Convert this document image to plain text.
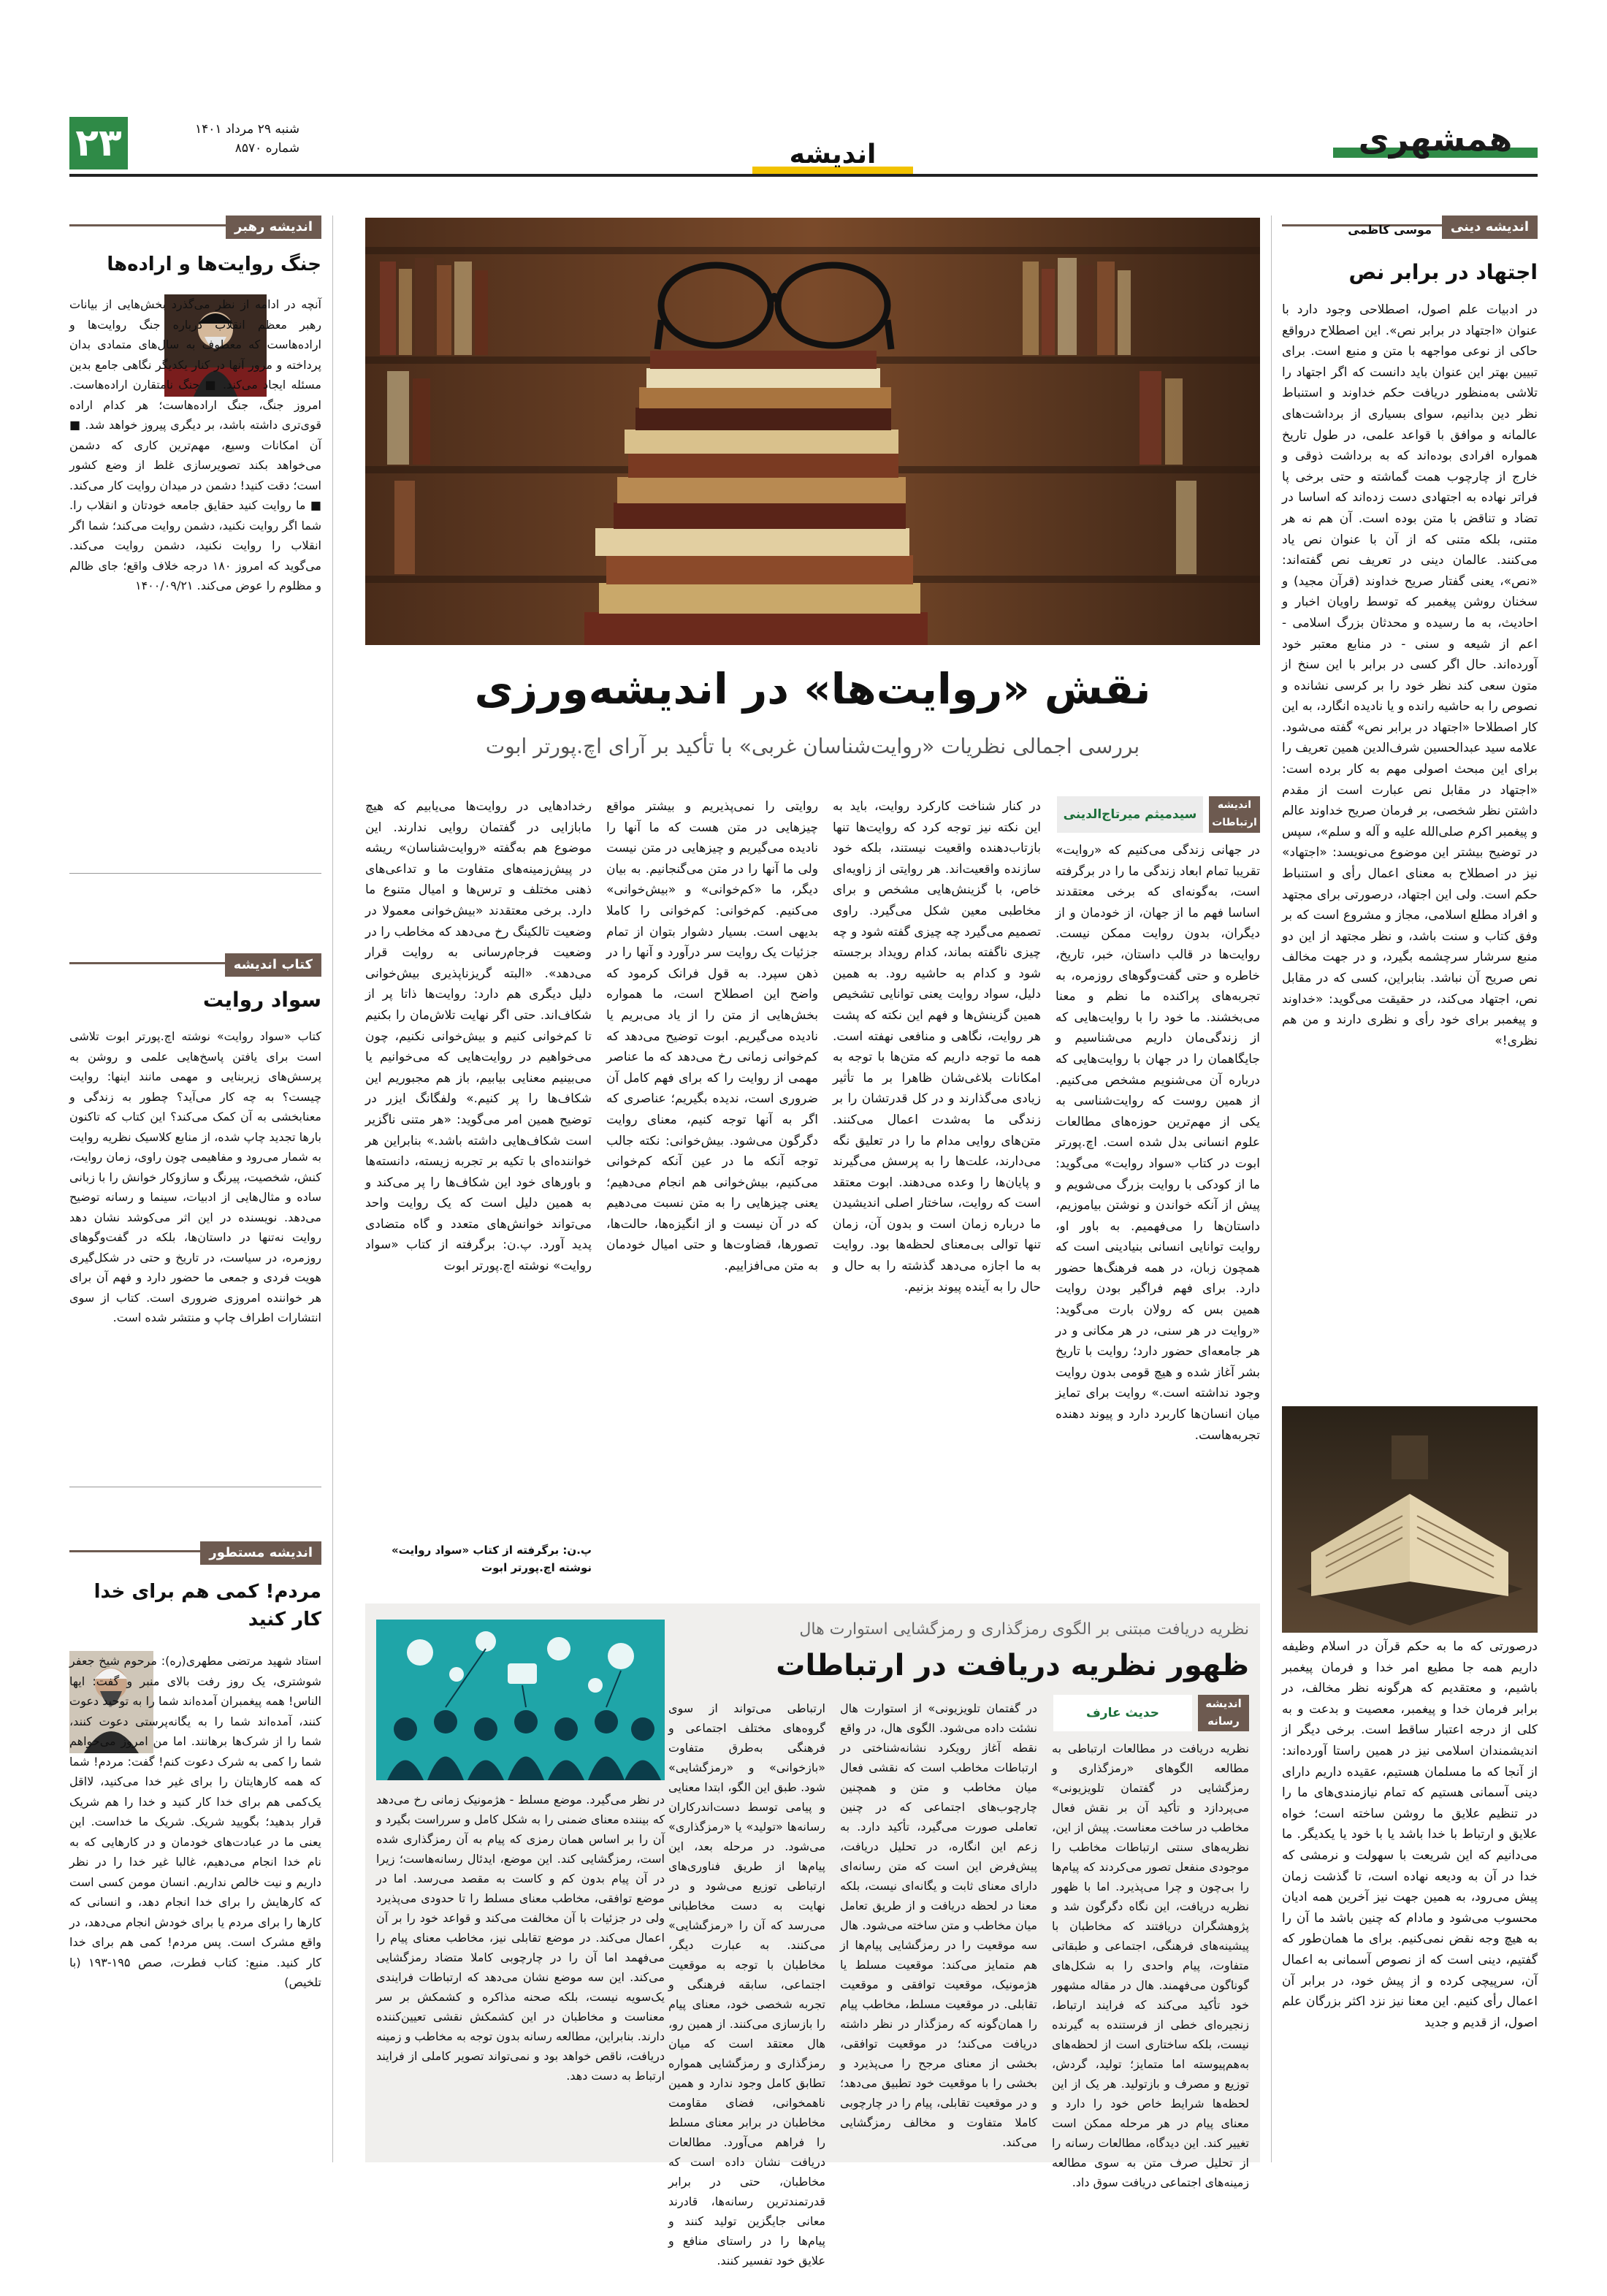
همشهری
اندیشه
۲۳	شنبه ۲۹ مرداد ۱۴۰۱
شماره ۸۵۷۰
اندیشه دینی
موسی کاظمی
اجتهاد در برابر نص
در ادبیات علم اصول، اصطلاحی وجود دارد با عنوان «اجتهاد در برابر نص». این اصطلاح درواقع حاکی از نوعی مواجهه با متن و منبع است. برای تبیین بهتر این عنوان باید دانست که اگر اجتهاد را تلاشی به‌منظور دریافت حکم خداوند و استنباط نظر دین بدانیم، سوای بسیاری از برداشت‌های عالمانه و موافق با قواعد علمی، در طول تاریخ همواره افرادی بوده‌اند که به برداشت ذوقی و خارج از چارچوب همت گماشته و حتی برخی پا فراتر نهاده به اجتهادی دست زده‌اند که اساسا در تضاد و تناقض با متن بوده است. آن هم نه هر متنی، بلکه متنی که از آن با عنوان نص یاد می‌کنند. عالمان دینی در تعریف نص گفته‌اند: «نص»، یعنی گفتار صریح خداوند (قرآن مجید) و سخنان روشن پیغمبر که توسط راویان اخبار و احادیث، به ما رسیده و محدثان بزرگ اسلامی - اعم از شیعه و سنی - در منابع معتبر خود آورده‌اند. حال اگر کسی در برابر با این سنخ از متون سعی کند نظر خود را بر کرسی نشانده و نصوص را به حاشیه رانده و یا نادیده انگارد، به این کار اصطلاحا «اجتهاد در برابر نص» گفته می‌شود. علامه سید عبدالحسین شرف‌الدین همین تعریف را برای این مبحث اصولی مهم به کار برده است: «اجتهاد در مقابل نص عبارت است از مقدم داشتن نظر شخصی، بر فرمان صریح خداوند عالم و پیغمبر اکرم صلی‌الله علیه و آله و سلم»، سپس در توضیح بیشتر این موضوع می‌نویسد: «اجتهاد» نیز در اصطلاح به معنای اعمال رأی و استنباط حکم است. ولی این اجتهاد، درصورتی برای مجتهد و افراد مطلع اسلامی، مجاز و مشروع است که بر وفق کتاب و سنت باشد، و نظر مجتهد از این دو منبع سرشار سرچشمه بگیرد، و در جهت مخالف نص صریح آن نباشد. بنابراین، کسی که در مقابل نص، اجتهاد می‌کند، در حقیقت می‌گوید: «خداوند و پیغمبر برای خود رأی و نظری دارند و من هم نظری!»
درصورتی که ما به حکم قرآن در اسلام وظیفه داریم همه جا مطیع امر خدا و فرمان پیغمبر باشیم، و معتقدیم که هرگونه نظر مخالف، در برابر فرمان خدا و پیغمبر، معصیت و بدعت و به کلی از درجه اعتبار ساقط است. برخی دیگر از اندیشمندان اسلامی نیز در همین راستا آورده‌اند: از آنجا که ما مسلمان هستیم، عقیده داریم دارای دینی آسمانی هستیم که تمام نیازمندی‌های ما را در تنظیم علایق ما روشن ساخته است؛ خواه علایق و ارتباط با خدا باشد یا با خود یا یکدیگر. ما می‌دانیم که این شریعت با سهولت و نرمشی که خدا در آن به ودیعه نهاده است، تا گذشت زمان پیش می‌رود، به همین جهت نیز آخرین همه ادیان محسوب می‌شود و مادام که چنین باشد ما آن را به هیچ وجه نقض نمی‌کنیم. برای ما همان‌طور که گفتیم، دینی است که از نصوص آسمانی به اعمال آن، سرپیچی کرده و از پیش خود، در برابر آن اعمال رأی کنیم. این معنا نیز نزد اکثر بزرگان علم اصول، از قدیم و جدید
اندیشه رهبر
جنگ روایت‌ها و اراده‌ها
آنچه در ادامه از نظر می‌گذرد بخش‌هایی از بیانات رهبر معظم انقلاب درباره جنگ روایت‌ها و اراده‌هاست که معطوف به سال‌های متمادی بدان پرداخته و مرور آنها در کنار یکدیگر نگاهی جامع بدین مسئله ایجاد می‌کند. ■ جنگ نامتقارن اراده‌هاست. امروز جنگ، جنگ اراده‌هاست؛ هر کدام اراده قوی‌تری داشته باشد، بر دیگری پیروز خواهد شد. ■ آن امکانات وسیع، مهم‌ترین کاری که دشمن می‌خواهد بکند تصویرسازی غلط از وضع کشور است؛ دقت کنید! دشمن در میدان روایت کار می‌کند. ■ ما روایت کنید حقایق جامعه خودتان و انقلاب را. شما اگر روایت نکنید، دشمن روایت می‌کند؛ شما اگر انقلاب را روایت نکنید، دشمن روایت می‌کند. می‌گوید که امروز ۱۸۰ درجه خلاف واقع؛ جای ظالم و مظلوم را عوض می‌کند. ۱۴۰۰/۰۹/۲۱
کتاب اندیشه
سواد روایت
کتاب «سواد روایت» نوشته اچ.پورتر ابوت تلاشی است برای یافتن پاسخ‌هایی علمی و روشن به پرسش‌های زیربنایی و مهمی مانند اینها: روایت چیست؟ به چه کار می‌آید؟ چطور به زندگی و معنابخشی به آن کمک می‌کند؟ این کتاب که تاکنون بارها تجدید چاپ شده، از منابع کلاسیک نظریه روایت به شمار می‌رود و مفاهیمی چون راوی، زمان روایت، کنش، شخصیت، پیرنگ و سازوکار خوانش را با زبانی ساده و مثال‌هایی از ادبیات، سینما و رسانه توضیح می‌دهد. نویسنده در این اثر می‌کوشد نشان دهد روایت نه‌تنها در داستان‌ها، بلکه در گفت‌وگوهای روزمره، در سیاست، در تاریخ و حتی در شکل‌گیری هویت فردی و جمعی ما حضور دارد و فهم آن برای هر خواننده امروزی ضروری است. کتاب از سوی انتشارات اطراف چاپ و منتشر شده است.
اندیشه مستطور
مردم! کمی هم برای خدا کار کنید
استاد شهید مرتضی مطهری(ره): مرحوم شیخ جعفر شوشتری، یک روز رفت بالای منبر و گفت: ایها الناس! همه پیغمبران آمده‌اند شما را به توحید دعوت کنند، آمده‌اند شما را به یگانه‌پرستی دعوت کنند، شما را از شرک‌ها برهانند. اما من امروز می‌خواهم شما را کمی به شرک دعوت کنم! گفت: مردم! شما که همه کارهایتان را برای غیر خدا می‌کنید، لااقل یک‌کمی هم برای خدا کار کنید و خدا را هم شریک قرار بدهید؛ بگویید شریک. شریک ما خداست. این یعنی ما در عبادت‌های خودمان و در کارهایی که به نام خدا انجام می‌دهیم، غالبا غیر خدا را در نظر داریم و نیت خالص نداریم. انسان مومن کسی است که کارهایش را برای خدا انجام دهد، و انسانی که کارها را برای مردم یا برای خودش انجام می‌دهد، در واقع مشرک است. پس مردم! کمی هم برای خدا کار کنید. منبع: کتاب فطرت، صص ۱۹۵-۱۹۳ (با تلخیص)
نقش «روایت‌ها» در اندیشه‌ورزی
بررسی اجمالی نظریات «روایت‌شناسان غربی» با تأکید بر آرای اچ.پورتر ابوت
اندیشه ارتباطات
سیدمیثم میرتاج‌الدینی
در جهانی زندگی می‌کنیم که «روایت» تقریبا تمام ابعاد زندگی ما را در برگرفته است، به‌گونه‌ای که برخی معتقدند اساسا فهم ما از جهان، از خودمان و از دیگران، بدون روایت ممکن نیست. روایت‌ها در قالب داستان، خبر، تاریخ، خاطره و حتی گفت‌وگوهای روزمره، به تجربه‌های پراکنده ما نظم و معنا می‌بخشند. ما خود را با روایت‌هایی که از زندگی‌مان داریم می‌شناسیم و جایگاهمان را در جهان با روایت‌هایی که درباره آن می‌شنویم مشخص می‌کنیم. از همین روست که روایت‌شناسی به یکی از مهم‌ترین حوزه‌های مطالعات علوم انسانی بدل شده است. اچ.پورتر ابوت در کتاب «سواد روایت» می‌گوید: ما از کودکی با روایت بزرگ می‌شویم و پیش از آنکه خواندن و نوشتن بیاموزیم، داستان‌ها را می‌فهمیم. به باور او، روایت توانایی انسانی بنیادینی است که همچون زبان، در همه فرهنگ‌ها حضور دارد. برای فهم فراگیر بودن روایت همین بس که رولان بارت می‌گوید: «روایت در هر سنی، در هر مکانی و در هر جامعه‌ای حضور دارد؛ روایت با تاریخ بشر آغاز شده و هیچ قومی بدون روایت وجود نداشته است.» روایت برای تمایز میان انسان‌ها کاربرد دارد و پیوند دهنده تجربه‌هاست.
در کنار شناخت کارکرد روایت، باید به این نکته نیز توجه کرد که روایت‌ها تنها بازتاب‌دهنده واقعیت نیستند، بلکه خود سازنده واقعیت‌اند. هر روایتی از زاویه‌ای خاص، با گزینش‌هایی مشخص و برای مخاطبی معین شکل می‌گیرد. راوی تصمیم می‌گیرد چه چیزی گفته شود و چه چیزی ناگفته بماند، کدام رویداد برجسته شود و کدام به حاشیه رود. به همین دلیل، سواد روایت یعنی توانایی تشخیص همین گزینش‌ها و فهم این نکته که پشت هر روایت، نگاهی و منافعی نهفته است. همه ما توجه داریم که متن‌ها با توجه به امکانات بلاغی‌شان ظاهرا بر ما تأثیر زیادی می‌گذارند و در کل قدرتشان را بر زندگی ما به‌شدت اعمال می‌کنند. متن‌های روایی مدام ما را در تعلیق نگه می‌دارند، علت‌ها را به پرسش می‌گیرند و پایان‌ها را وعده می‌دهند. ابوت معتقد است که روایت، ساختار اصلی اندیشیدن ما درباره زمان است و بدون آن، زمان تنها توالی بی‌معنای لحظه‌ها بود. روایت به ما اجازه می‌دهد گذشته را به حال و حال را به آینده پیوند بزنیم.
روایتی را نمی‌پذیریم و بیشتر مواقع چیزهایی در متن هست که ما آنها را نادیده می‌گیریم و چیزهایی در متن نیست ولی ما آنها را در متن می‌گنجانیم. به بیان دیگر، ما «کم‌خوانی» و «بیش‌خوانی» می‌کنیم. کم‌خوانی: کم‌خوانی را کاملا بدیهی است. بسیار دشوار بتوان از تمام جزئیات یک روایت سر درآورد و آنها را در ذهن سپرد. به قول فرانک کرمود که واضح این اصطلاح است، ما همواره بخش‌هایی از متن را از یاد می‌بریم یا نادیده می‌گیریم. ابوت توضیح می‌دهد که کم‌خوانی زمانی رخ می‌دهد که ما عناصر مهمی از روایت را که برای فهم کامل آن ضروری است، ندیده بگیریم؛ عناصری که اگر به آنها توجه کنیم، معنای روایت دگرگون می‌شود. بیش‌خوانی: نکته جالب توجه آنکه ما در عین آنکه کم‌خوانی می‌کنیم، بیش‌خوانی هم انجام می‌دهیم؛ یعنی چیزهایی را به متن نسبت می‌دهیم که در آن نیست و از انگیزه‌ها، حالت‌ها، تصورها، قضاوت‌ها و حتی امیال خودمان به متن می‌افزاییم.
رخدادهایی در روایت‌ها می‌یابیم که هیچ مابازایی در گفتمان روایی ندارند. این موضوع هم به‌گفته «روایت‌شناسان» ریشه در پیش‌زمینه‌های متفاوت ما و تداعی‌های ذهنی مختلف و ترس‌ها و امیال متنوع ما دارد. برخی معتقدند «بیش‌خوانی معمولا در وضعیت تالکینگ رخ می‌دهد که مخاطب را در وضعیت فرجام‌رسانی به روایت قرار می‌دهد». «البته گریزناپذیری بیش‌خوانی دلیل دیگری هم دارد: روایت‌ها ذاتا پر از شکاف‌اند. حتی اگر نهایت تلاش‌مان را بکنیم تا کم‌خوانی کنیم و بیش‌خوانی نکنیم، چون می‌خواهیم در روایت‌هایی که می‌خوانیم یا می‌بینیم معنایی بیابیم، باز هم مجبوریم این شکاف‌ها را پر کنیم.» ولفگانگ ایزر در توضیح همین امر می‌گوید: «هر متنی ناگزیر است شکاف‌هایی داشته باشد.» بنابراین هر خواننده‌ای با تکیه بر تجربه زیسته، دانسته‌ها و باورهای خود این شکاف‌ها را پر می‌کند و به همین دلیل است که یک روایت واحد می‌تواند خوانش‌های متعدد و گاه متضادی پدید آورد. پ.ن: برگرفته از کتاب «سواد روایت» نوشته اچ.پورتر ابوت
پ.ن: برگرفته از کتاب «سواد روایت» نوشته اچ.پورتر ابوت
اندیشه رسانه
حدیث عارف
نظریه دریافت مبتنی بر الگوی رمزگذاری و رمزگشایی استوارت هال
ظهور نظریه دریافت در ارتباطات
نظریه دریافت در مطالعات ارتباطی به مطالعه الگوهای «رمزگذاری و رمزگشایی در گفتمان تلویزیونی» می‌پردازد و تأکید آن بر نقش فعال مخاطب در ساخت معناست. پیش از این، نظریه‌های سنتی ارتباطات مخاطب را موجودی منفعل تصور می‌کردند که پیام‌ها را بی‌چون و چرا می‌پذیرد. اما با ظهور نظریه دریافت، این نگاه دگرگون شد و پژوهشگران دریافتند که مخاطبان با پیشینه‌های فرهنگی، اجتماعی و طبقاتی متفاوت، پیام واحدی را به شکل‌های گوناگون می‌فهمند. هال در مقاله مشهور خود تأکید می‌کند که فرایند ارتباط، زنجیره‌ای خطی از فرستنده به گیرنده نیست، بلکه ساختاری است از لحظه‌های به‌هم‌پیوسته اما متمایز؛ تولید، گردش، توزیع و مصرف و بازتولید. هر یک از این لحظه‌ها شرایط خاص خود را دارد و معنای پیام در هر مرحله ممکن است تغییر کند. این دیدگاه، مطالعات رسانه را از تحلیل صرف متن به سوی مطالعه زمینه‌های اجتماعی دریافت سوق داد.
در گفتمان تلویزیونی» از استوارت هال نشئت داده می‌شود. الگوی هال، در واقع نقطه آغاز رویکرد نشانه‌شناختی در ارتباطات مخاطب است که نقشی فعال میان مخاطب و متن و همچنین چارچوب‌های اجتماعی که در چنین تعاملی صورت می‌گیرد، تأکید دارد. به زعم این انگاره، در تحلیل دریافت، پیش‌فرض این است که متن رسانه‌ای دارای معنای ثابت و یگانه‌ای نیست، بلکه معنا در لحظه دریافت و از طریق تعامل میان مخاطب و متن ساخته می‌شود. هال سه موقعیت را در رمزگشایی پیام‌ها از هم متمایز می‌کند: موقعیت مسلط یا هژمونیک، موقعیت توافقی و موقعیت تقابلی. در موقعیت مسلط، مخاطب پیام را همان‌گونه که رمزگذار در نظر داشته دریافت می‌کند؛ در موقعیت توافقی، بخشی از معنای مرجح را می‌پذیرد و بخشی را با موقعیت خود تطبیق می‌دهد؛ و در موقعیت تقابلی، پیام را در چارچوبی کاملا متفاوت و مخالف رمزگشایی می‌کند.
ارتباطی می‌تواند از سوی گروه‌های مختلف اجتماعی و فرهنگی به‌طرق متفاوت «بازخوانی» و «رمزگشایی» شود. طبق این الگو، ابتدا معنایی و پیامی توسط دست‌اندرکاران رسانه‌ها «تولید» یا «رمزگذاری» می‌شود. در مرحله بعد، این پیام‌ها از طریق فناوری‌های ارتباطی توزیع می‌شود و در نهایت به دست مخاطبانی می‌رسد که آن را «رمزگشایی» می‌کنند. به عبارت دیگر، مخاطبان با توجه به موقعیت اجتماعی، سابقه فرهنگی و تجربه شخصی خود، معنای پیام را بازسازی می‌کنند. از همین رو، هال معتقد است که میان رمزگذاری و رمزگشایی همواره تطابق کامل وجود ندارد و همین ناهمخوانی، فضای مقاومت مخاطبان در برابر معنای مسلط را فراهم می‌آورد. مطالعات دریافت نشان داده است که مخاطبان، حتی در برابر قدرتمندترین رسانه‌ها، قادرند معانی جایگزین تولید کنند و پیام‌ها را در راستای منافع و علایق خود تفسیر کنند.
در نظر می‌گیرد. موضع مسلط - هژمونیک زمانی رخ می‌دهد که بیننده معنای ضمنی را به شکل کامل و سرراست بگیرد و آن را بر اساس همان رمزی که پیام به آن رمزگذاری شده است، رمزگشایی کند. این موضع، ایدئال رسانه‌هاست؛ زیرا در آن پیام بدون کم و کاست به مقصد می‌رسد. اما در موضع توافقی، مخاطب معنای مسلط را تا حدودی می‌پذیرد ولی در جزئیات با آن مخالفت می‌کند و قواعد خود را بر آن اعمال می‌کند. در موضع تقابلی نیز، مخاطب معنای پیام را می‌فهمد اما آن را در چارچوبی کاملا متضاد رمزگشایی می‌کند. این سه موضع نشان می‌دهد که ارتباطات فرایندی یک‌سویه نیست، بلکه صحنه مذاکره و کشمکش بر سر معناست و مخاطبان در این کشمکش نقشی تعیین‌کننده دارند. بنابراین، مطالعه رسانه بدون توجه به مخاطب و زمینه دریافت، ناقص خواهد بود و نمی‌تواند تصویر کاملی از فرایند ارتباط به دست دهد.
